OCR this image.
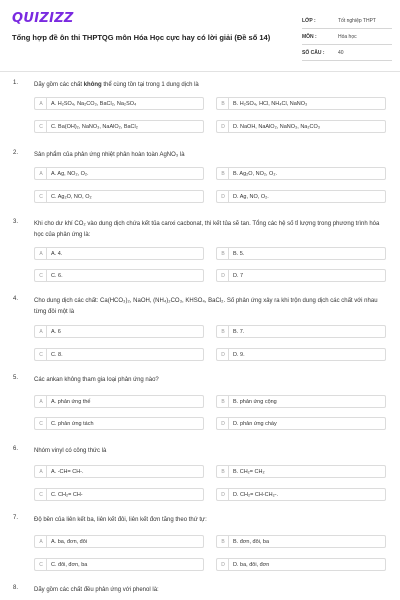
QUIZIZZ
Tổng hợp đề ôn thi THPTQG môn Hóa Học cực hay có lời giải (Đề số 14)
LỚP :	Tốt nghiệp THPT
MÔN :	Hóa học
SỐ CÂU :	40
1.	Dãy gồm các chất không thể cùng tồn tại trong 1 dung dịch là
A	A. H₂SO₄, Na₂CO₃, BaCl₂, Na₂SO₄	B	B. H₂SO₄, HCl, NH₄Cl, NaNO₃
C	C. Ba(OH)₂, NaNO₃, NaAlO₂, BaCl₂	D	D. NaOH, NaAlO₂, NaNO₃, Na₂CO₃
2.	Sản phẩm của phản ứng nhiệt phân hoàn toàn AgNO₃ là
A	A. Ag, NO₂, O₂.	B	B. Ag₂O, NO₂, O₂.
C	C. Ag₂O, NO, O₂	D	D. Ag, NO, O₂.
3.	Khi cho dư khí CO₂ vào dung dịch chứa kết tủa canxi cacbonat, thì kết tủa sẽ tan. Tổng các hệ số tỉ lượng trong phương trình hóa học của phản ứng là:
A	A. 4.	B	B. 5.
C	C. 6.	D	D. 7
4.	Cho dung dịch các chất: Ca(HCO₃)₂, NaOH, (NH₄)₂CO₃, KHSO₄, BaCl₂. Số phản ứng xảy ra khi trộn dung dịch các chất với nhau từng đôi một là
A	A. 6	B	B. 7.
C	C. 8.	D	D. 9.
5.	Các ankan không tham gia loại phản ứng nào?
A	A. phản ứng thế	B	B. phản ứng cộng
C	C. phản ứng tách	D	D. phản ứng cháy
6.	Nhóm vinyl có công thức là
A	A. -CH= CH-.	B	B. CH₂= CH₂
C	C. CH₂= CH-	D	D. CH₂= CH-CH₂-.
7.	Độ bền của liên kết ba, liên kết đôi, liên kết đơn tăng theo thứ tự:
A	A. ba, đơn, đôi	B	B. đơn, đôi, ba
C	C. đôi, đơn, ba	D	D. ba, đôi, đơn
8.	Dãy gồm các chất đều phản ứng với phenol là:
